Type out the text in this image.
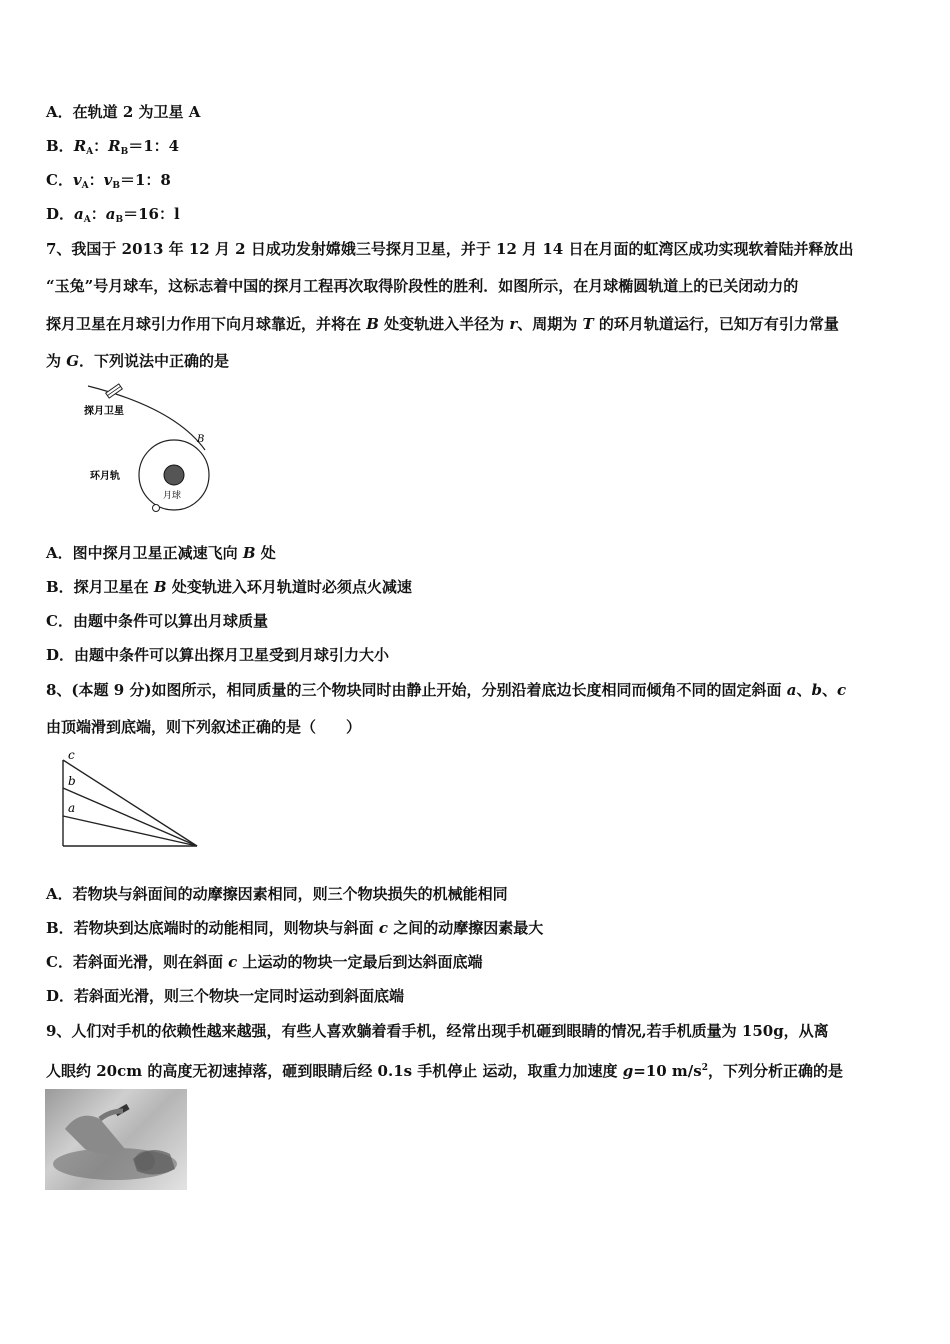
A．在轨道 2 为卫星 A
B．$R_A$：$R_B=1$：4
C．$v_A$：$v_B=1$：8
D．$a_A$：$a_B=16$：l
7、我国于 2013 年 12 月 2 日成功发射嫦娥三号探月卫星，并于 12 月 14 日在月面的虹湾区成功实现软着陆并释放出
“玉兔”号月球车，这标志着中国的探月工程再次取得阶段性的胜利．如图所示，在月球椭圆轨道上的已关闭动力的
探月卫星在月球引力作用下向月球靠近，并将在 B 处变轨进入半径为 r、周期为 T 的环月轨道运行，已知万有引力常量
为 G．下列说法中正确的是
探月卫星
环月轨
月球
B
A．图中探月卫星正减速飞向 B 处
B．探月卫星在 B 处变轨进入环月轨道时必须点火减速
C．由题中条件可以算出月球质量
D．由题中条件可以算出探月卫星受到月球引力大小
8、(本题 9 分)如图所示，相同质量的三个物块同时由静止开始，分别沿着底边长度相同而倾角不同的固定斜面 a、b、c
由顶端滑到底端，则下列叙述正确的是（　　）
c
b
a
A．若物块与斜面间的动摩擦因素相同，则三个物块损失的机械能相同
B．若物块到达底端时的动能相同，则物块与斜面 c 之间的动摩擦因素最大
C．若斜面光滑，则在斜面 c 上运动的物块一定最后到达斜面底端
D．若斜面光滑，则三个物块一定同时运动到斜面底端
9、人们对手机的依赖性越来越强，有些人喜欢躺着看手机，经常出现手机砸到眼睛的情况,若手机质量为 150g，从离
人眼约 20cm 的高度无初速掉落，砸到眼睛后经 0.1s 手机停止 运动，取重力加速度 g=10 $m/s^2$，下列分析正确的是
